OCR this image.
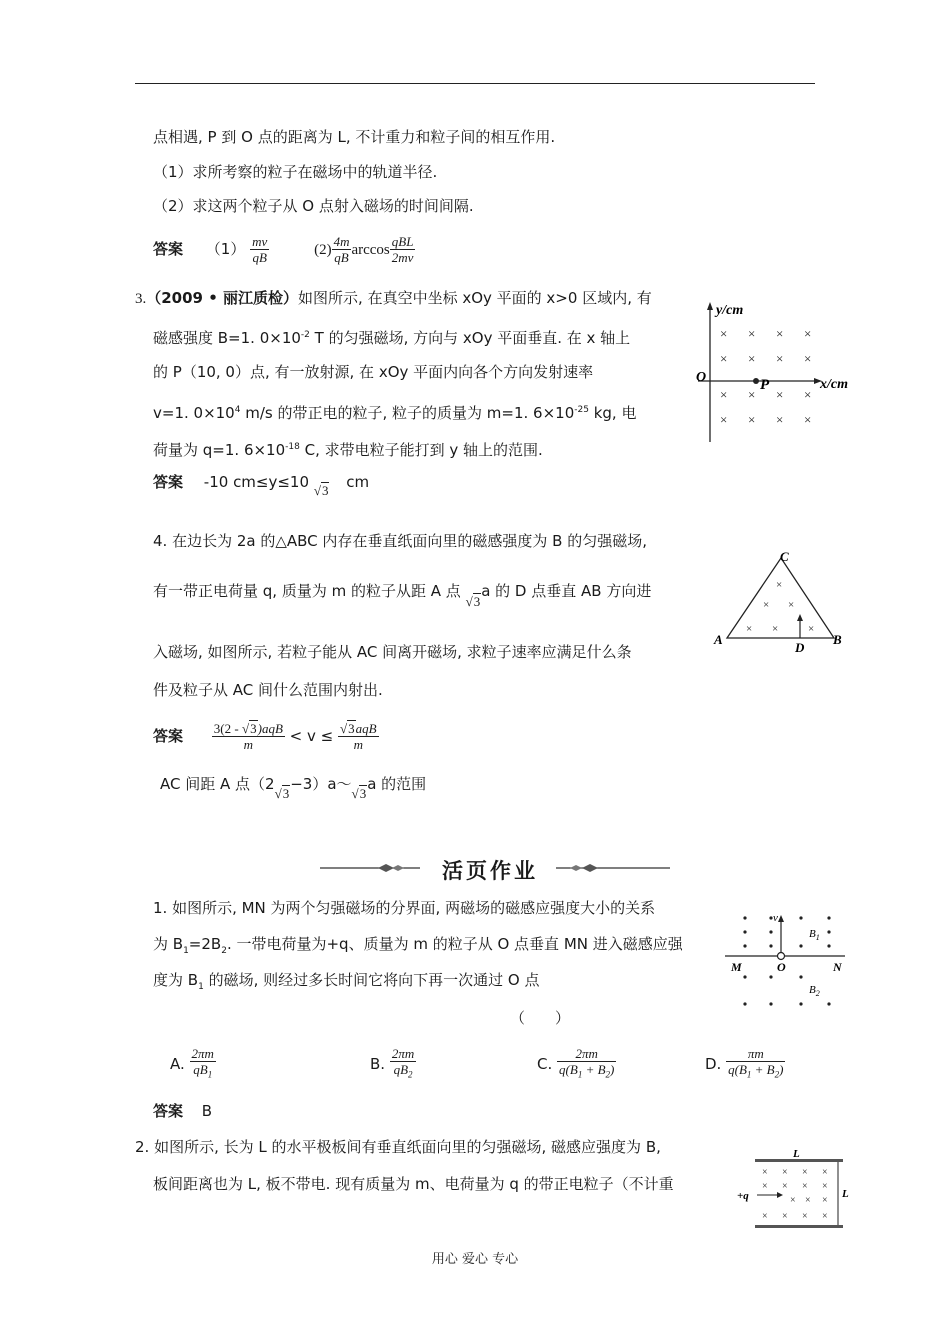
点相遇, P 到 O 点的距离为 L, 不计重力和粒子间的相互作用.
（1）求所考察的粒子在磁场中的轨道半径.
（2）求这两个粒子从 O 点射入磁场的时间间隔.
答案 $(1) \frac{mv}{qB}$	$(2) \frac{4m}{qB}$ $\arccos \frac{\text{qBL}}{2mv}$
3.（2009 • 丽江质检）如图所示, 在真空中坐标 xOy 平面的 x>0 区域内, 有
磁感强度 B=1. $0\times 10^{-2}$ T 的匀强磁场, 方向与 xOy 平面垂直. 在 x 轴上
的 P（10, 0）点, 有一放射源, 在 xOy 平面内向各个方向发射速率
v=1. $0\times 10^4$ m/s 的带正电的粒子, 粒子的质量为 m=1. $6\times 10^{-25}$ kg, 电
荷量为 q=1. $6\times 10^{-18}$ C, 求带电粒子能打到 y 轴上的范围.
答案 -10 cm≤y≤10 √3 cm
y/cm
x/cm
O	P
× × × ×
× × × ×
× × × ×
× × × ×
4. 在边长为 2a 的△ABC 内存在垂直纸面向里的磁感强度为 B 的匀强磁场,
有一带正电荷量 q, 质量为 m 的粒子从距 A 点 √3a 的 D 点垂直 AB 方向进
入磁场, 如图所示, 若粒子能从 AC 间离开磁场, 求粒子速率应满足什么条
件及粒子从 AC 间什么范围内射出.
答案 $\frac{\text{3(2 - √3)aqB}}{m} < v \le \frac{\text{√3aqB}}{m}$
AC 间距 A 点（2√3−3）a～√3a 的范围
C
A	B
D
×
× ×
× ×	×
活页作业
1. 如图所示, MN 为两个匀强磁场的分界面, 两磁场的磁感应强度大小的关系
为 $B_1=2B_2$. 一带电荷量为+q、质量为 m 的粒子从 O 点垂直 MN 进入磁感应强
度为 $B_1$ 的磁场, 则经过多长时间它将向下再一次通过 O 点
（　　）
A. $\frac{2\pi m}{qB_1}$	B. $\frac{2\pi m}{qB_2}$	C. $\frac{2\pi m}{q(B_1 + B_2)}$	D. $\frac{\pi m}{q(B_1 + B_2)}$
答案 B
M	N
O
v
$B_1$
$B_2$
2. 如图所示, 长为 L 的水平极板间有垂直纸面向里的匀强磁场, 磁感应强度为 B,
板间距离也为 L, 板不带电. 现有质量为 m、电荷量为 q 的带正电粒子（不计重
L
L
+q
× × × ×
× × × ×
× × ×
× × × ×
用心 爱心 专心
